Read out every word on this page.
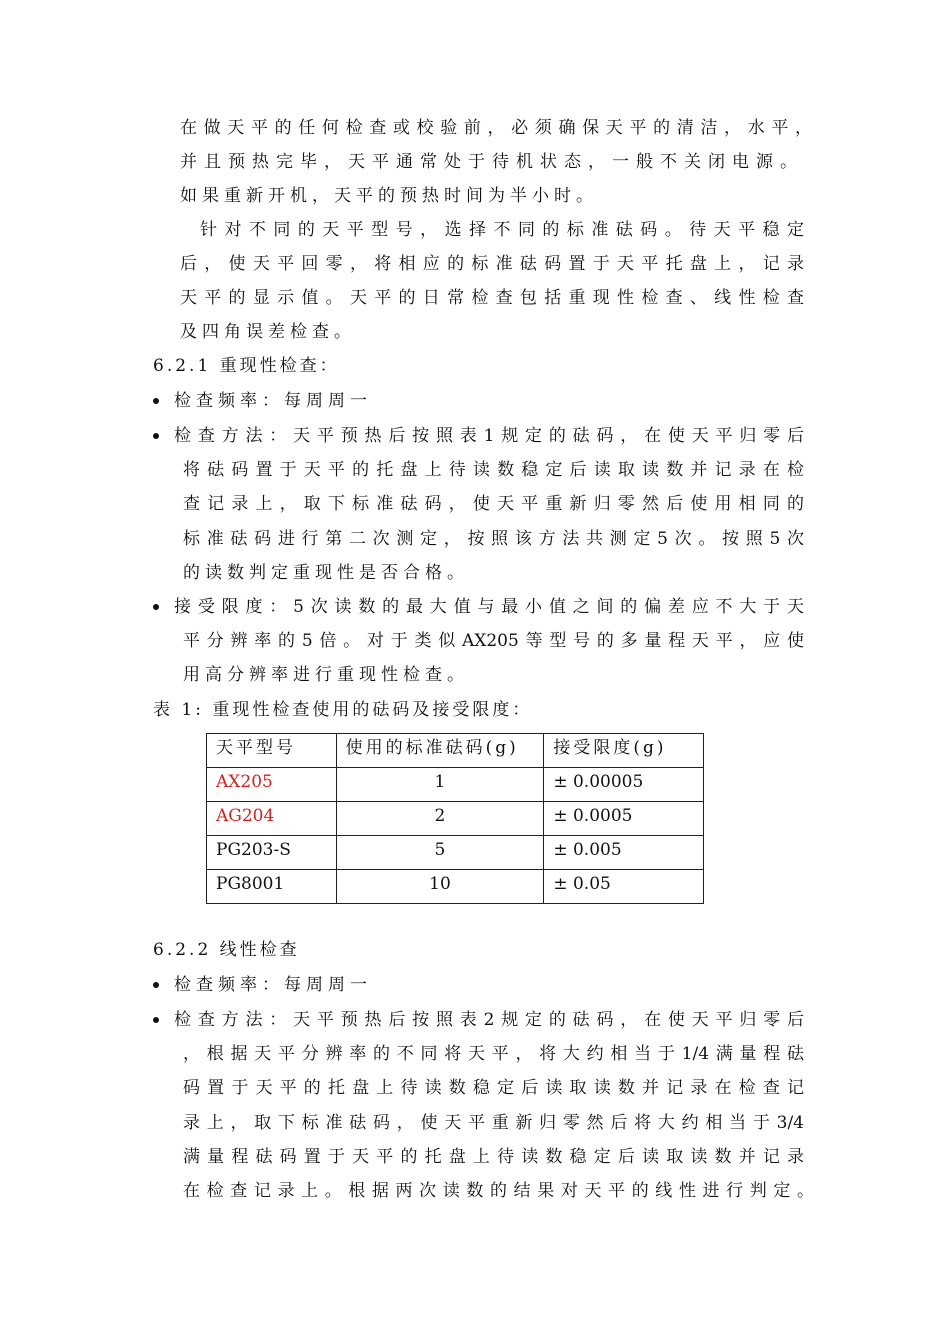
在做天平的任何检查或校验前，必须确保天平的清洁，水平，
并且预热完毕，天平通常处于待机状态，一般不关闭电源。
如果重新开机，天平的预热时间为半小时。
针对不同的天平型号，选择不同的标准砝码。待天平稳定
后，使天平回零，将相应的标准砝码置于天平托盘上，记录
天平的显示值。天平的日常检查包括重现性检查、线性检查
及四角误差检查。
6.2.1 重现性检查：
检查频率：每周周一
检查方法：天平预热后按照表1规定的砝码，在使天平归零后
将砝码置于天平的托盘上待读数稳定后读取读数并记录在检
查记录上，取下标准砝码，使天平重新归零然后使用相同的
标准砝码进行第二次测定，按照该方法共测定5次。按照5次
的读数判定重现性是否合格。
接受限度：5次读数的最大值与最小值之间的偏差应不大于天
平分辨率的5倍。对于类似AX205等型号的多量程天平，应使
用高分辨率进行重现性检查。
表 1: 重现性检查使用的砝码及接受限度：
天平型号	使用的标准砝码(g)	接受限度(g)
AX205	1	± 0.00005
AG204	2	± 0.0005
PG203-S	5	± 0.005
PG8001	10	± 0.05
6.2.2 线性检查
检查频率：每周周一
检查方法：天平预热后按照表2规定的砝码，在使天平归零后
，根据天平分辨率的不同将天平，将大约相当于1/4满量程砝
码置于天平的托盘上待读数稳定后读取读数并记录在检查记
录上，取下标准砝码，使天平重新归零然后将大约相当于3/4
满量程砝码置于天平的托盘上待读数稳定后读取读数并记录
在检查记录上。根据两次读数的结果对天平的线性进行判定。
